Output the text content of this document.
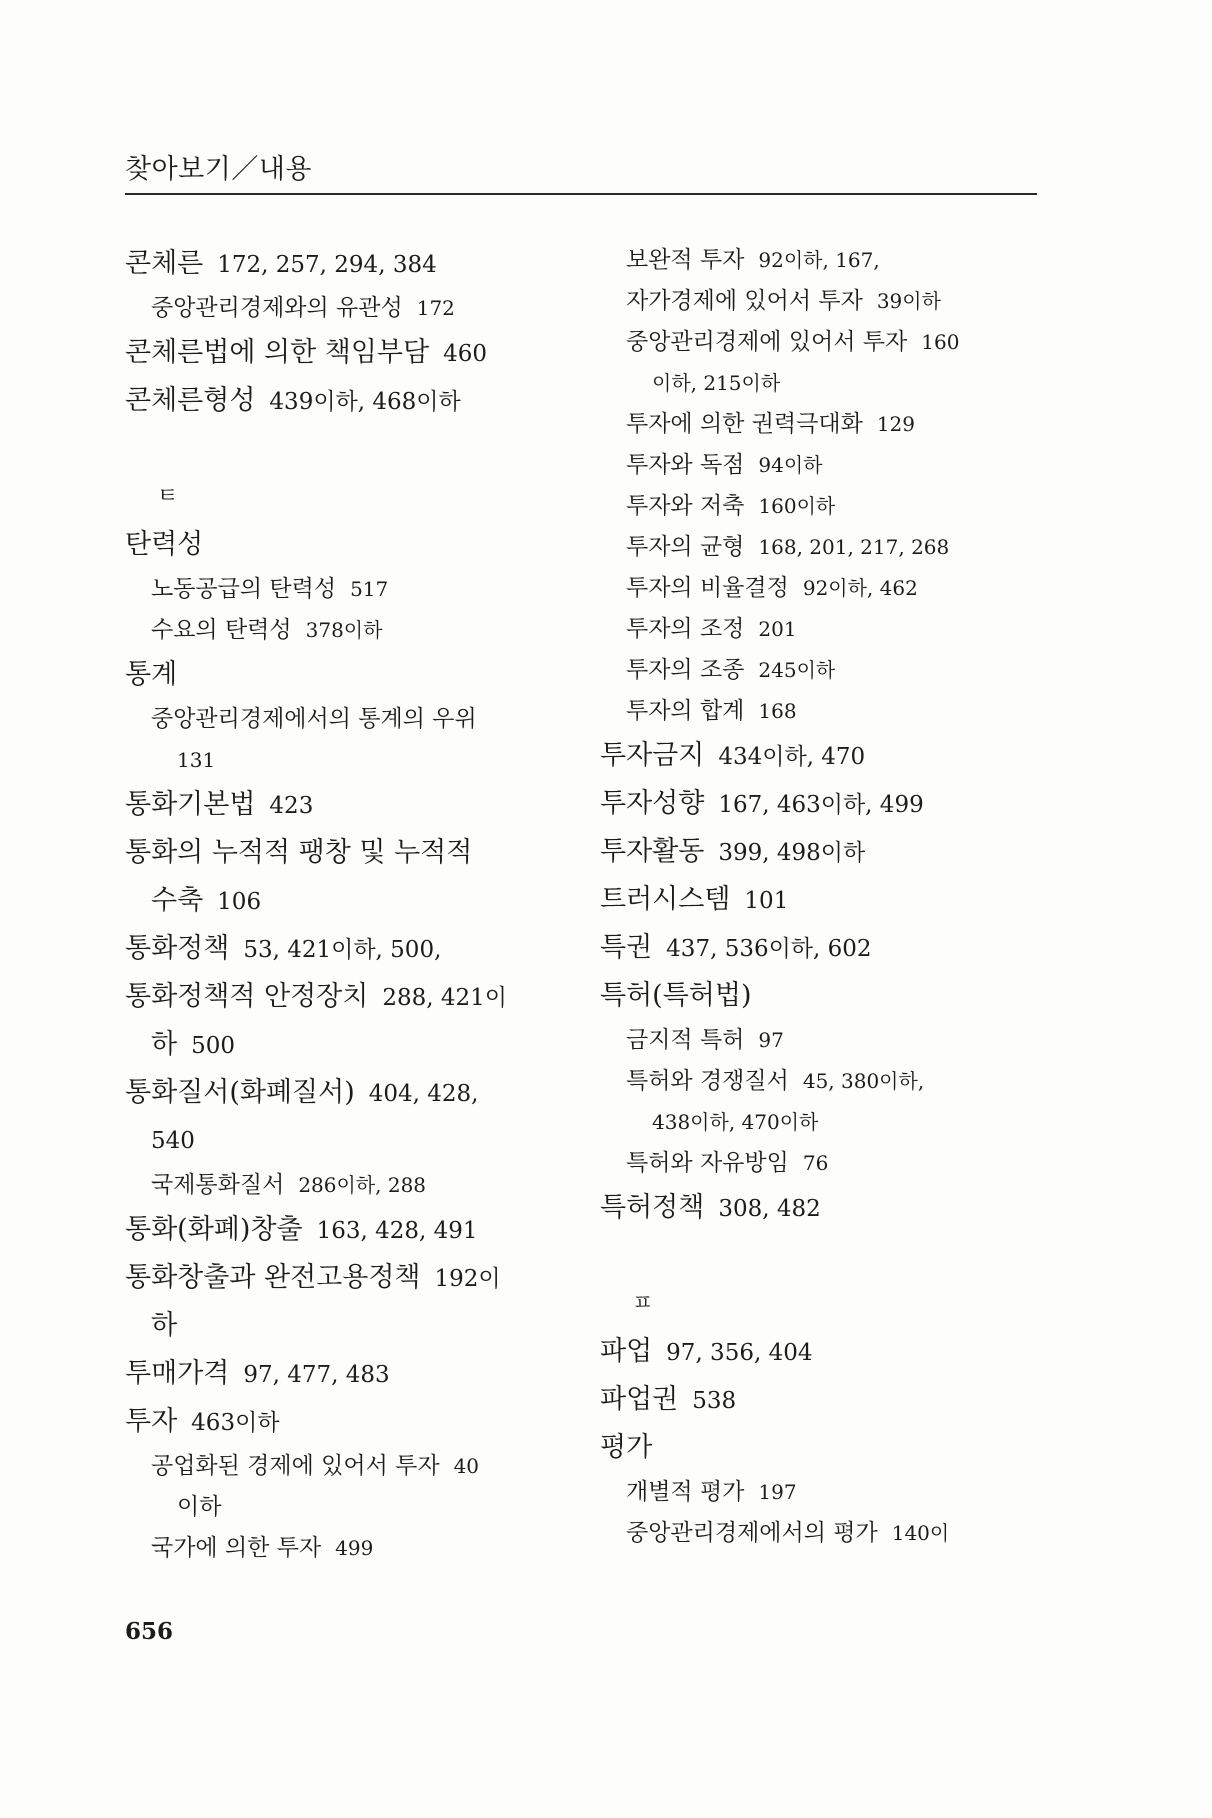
찾아보기／내용
콘체른 172, 257, 294, 384
중앙관리경제와의 유관성 172
콘체른법에 의한 책임부담 460
콘체른형성 439이하, 468이하
ㅌ
탄력성
노동공급의 탄력성 517
수요의 탄력성 378이하
통계
중앙관리경제에서의 통계의 우위
131
통화기본법 423
통화의 누적적 팽창 및 누적적
수축 106
통화정책 53, 421이하, 500,
통화정책적 안정장치 288, 421이
하 500
통화질서(화폐질서) 404, 428,
540
국제통화질서 286이하, 288
통화(화폐)창출 163, 428, 491
통화창출과 완전고용정책 192이
하
투매가격 97, 477, 483
투자 463이하
공업화된 경제에 있어서 투자 40
이하
국가에 의한 투자 499
보완적 투자 92이하, 167,
자가경제에 있어서 투자 39이하
중앙관리경제에 있어서 투자 160
이하, 215이하
투자에 의한 권력극대화 129
투자와 독점 94이하
투자와 저축 160이하
투자의 균형 168, 201, 217, 268
투자의 비율결정 92이하, 462
투자의 조정 201
투자의 조종 245이하
투자의 합계 168
투자금지 434이하, 470
투자성향 167, 463이하, 499
투자활동 399, 498이하
트러시스템 101
특권 437, 536이하, 602
특허(특허법)
금지적 특허 97
특허와 경쟁질서 45, 380이하,
438이하, 470이하
특허와 자유방임 76
특허정책 308, 482
ㅍ
파업 97, 356, 404
파업권 538
평가
개별적 평가 197
중앙관리경제에서의 평가 140이
656
